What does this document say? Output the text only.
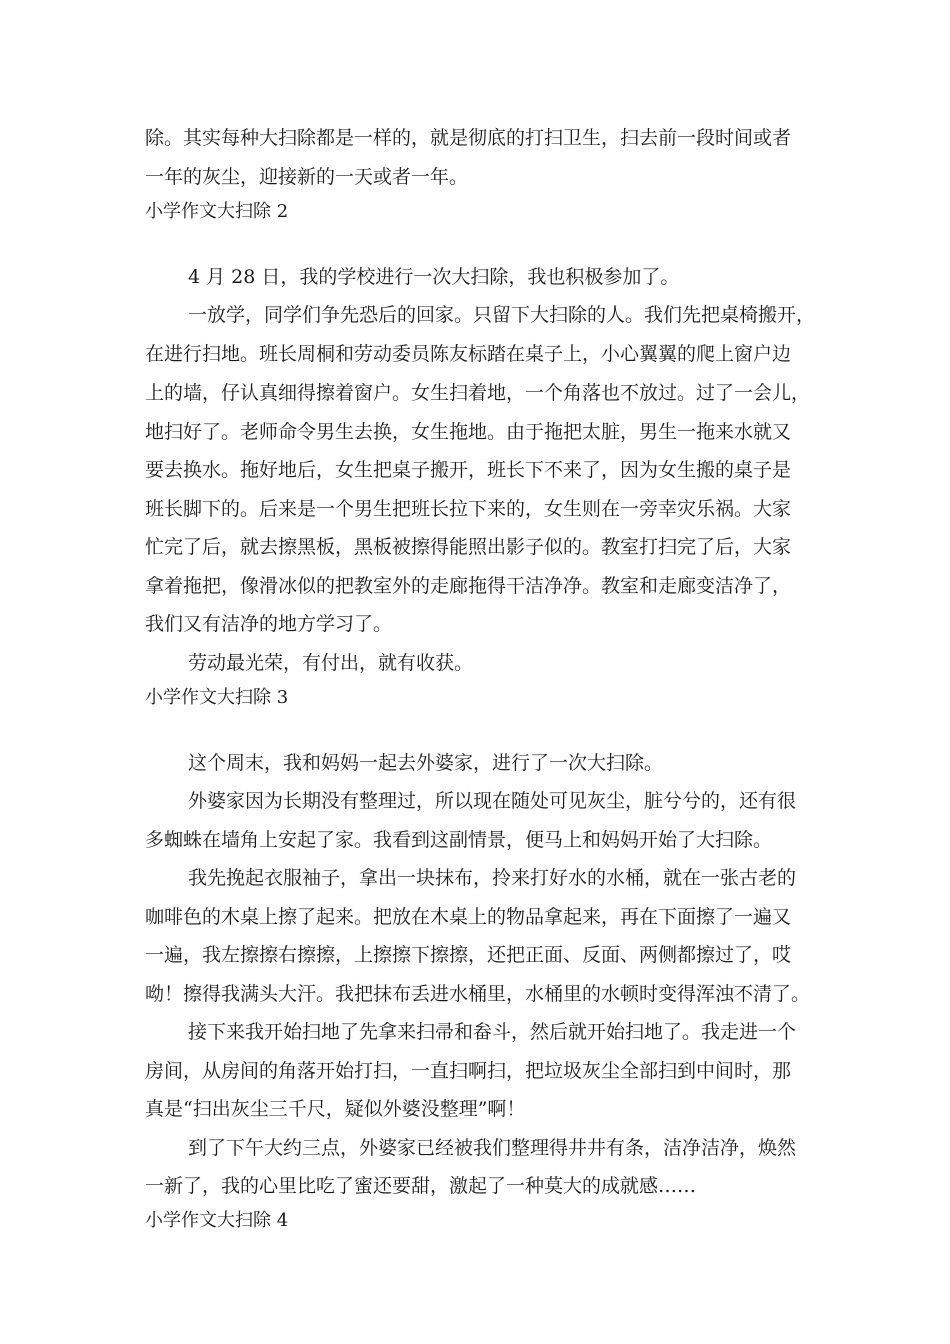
除。其实每种大扫除都是一样的，就是彻底的打扫卫生，扫去前一段时间或者
一年的灰尘，迎接新的一天或者一年。
小学作文大扫除 2
4 月 28 日，我的学校进行一次大扫除，我也积极参加了。
一放学，同学们争先恐后的回家。只留下大扫除的人。我们先把桌椅搬开，
在进行扫地。班长周桐和劳动委员陈友标踏在桌子上，小心翼翼的爬上窗户边
上的墙，仔认真细得擦着窗户。女生扫着地，一个角落也不放过。过了一会儿，
地扫好了。老师命令男生去换，女生拖地。由于拖把太脏，男生一拖来水就又
要去换水。拖好地后，女生把桌子搬开，班长下不来了，因为女生搬的桌子是
班长脚下的。后来是一个男生把班长拉下来的，女生则在一旁幸灾乐祸。大家
忙完了后，就去擦黑板，黑板被擦得能照出影子似的。教室打扫完了后，大家
拿着拖把，像滑冰似的把教室外的走廊拖得干洁净净。教室和走廊变洁净了，
我们又有洁净的地方学习了。
劳动最光荣，有付出，就有收获。
小学作文大扫除 3
这个周末，我和妈妈一起去外婆家，进行了一次大扫除。
外婆家因为长期没有整理过，所以现在随处可见灰尘，脏兮兮的，还有很
多蜘蛛在墙角上安起了家。我看到这副情景，便马上和妈妈开始了大扫除。
我先挽起衣服袖子，拿出一块抹布，拎来打好水的水桶，就在一张古老的
咖啡色的木桌上擦了起来。把放在木桌上的物品拿起来，再在下面擦了一遍又
一遍，我左擦擦右擦擦，上擦擦下擦擦，还把正面、反面、两侧都擦过了，哎
呦！擦得我满头大汗。我把抹布丢进水桶里，水桶里的水顿时变得浑浊不清了。
接下来我开始扫地了先拿来扫帚和畚斗，然后就开始扫地了。我走进一个
房间，从房间的角落开始打扫，一直扫啊扫，把垃圾灰尘全部扫到中间时，那
真是“扫出灰尘三千尺，疑似外婆没整理”啊！
到了下午大约三点，外婆家已经被我们整理得井井有条，洁净洁净，焕然
一新了，我的心里比吃了蜜还要甜，激起了一种莫大的成就感……
小学作文大扫除 4
